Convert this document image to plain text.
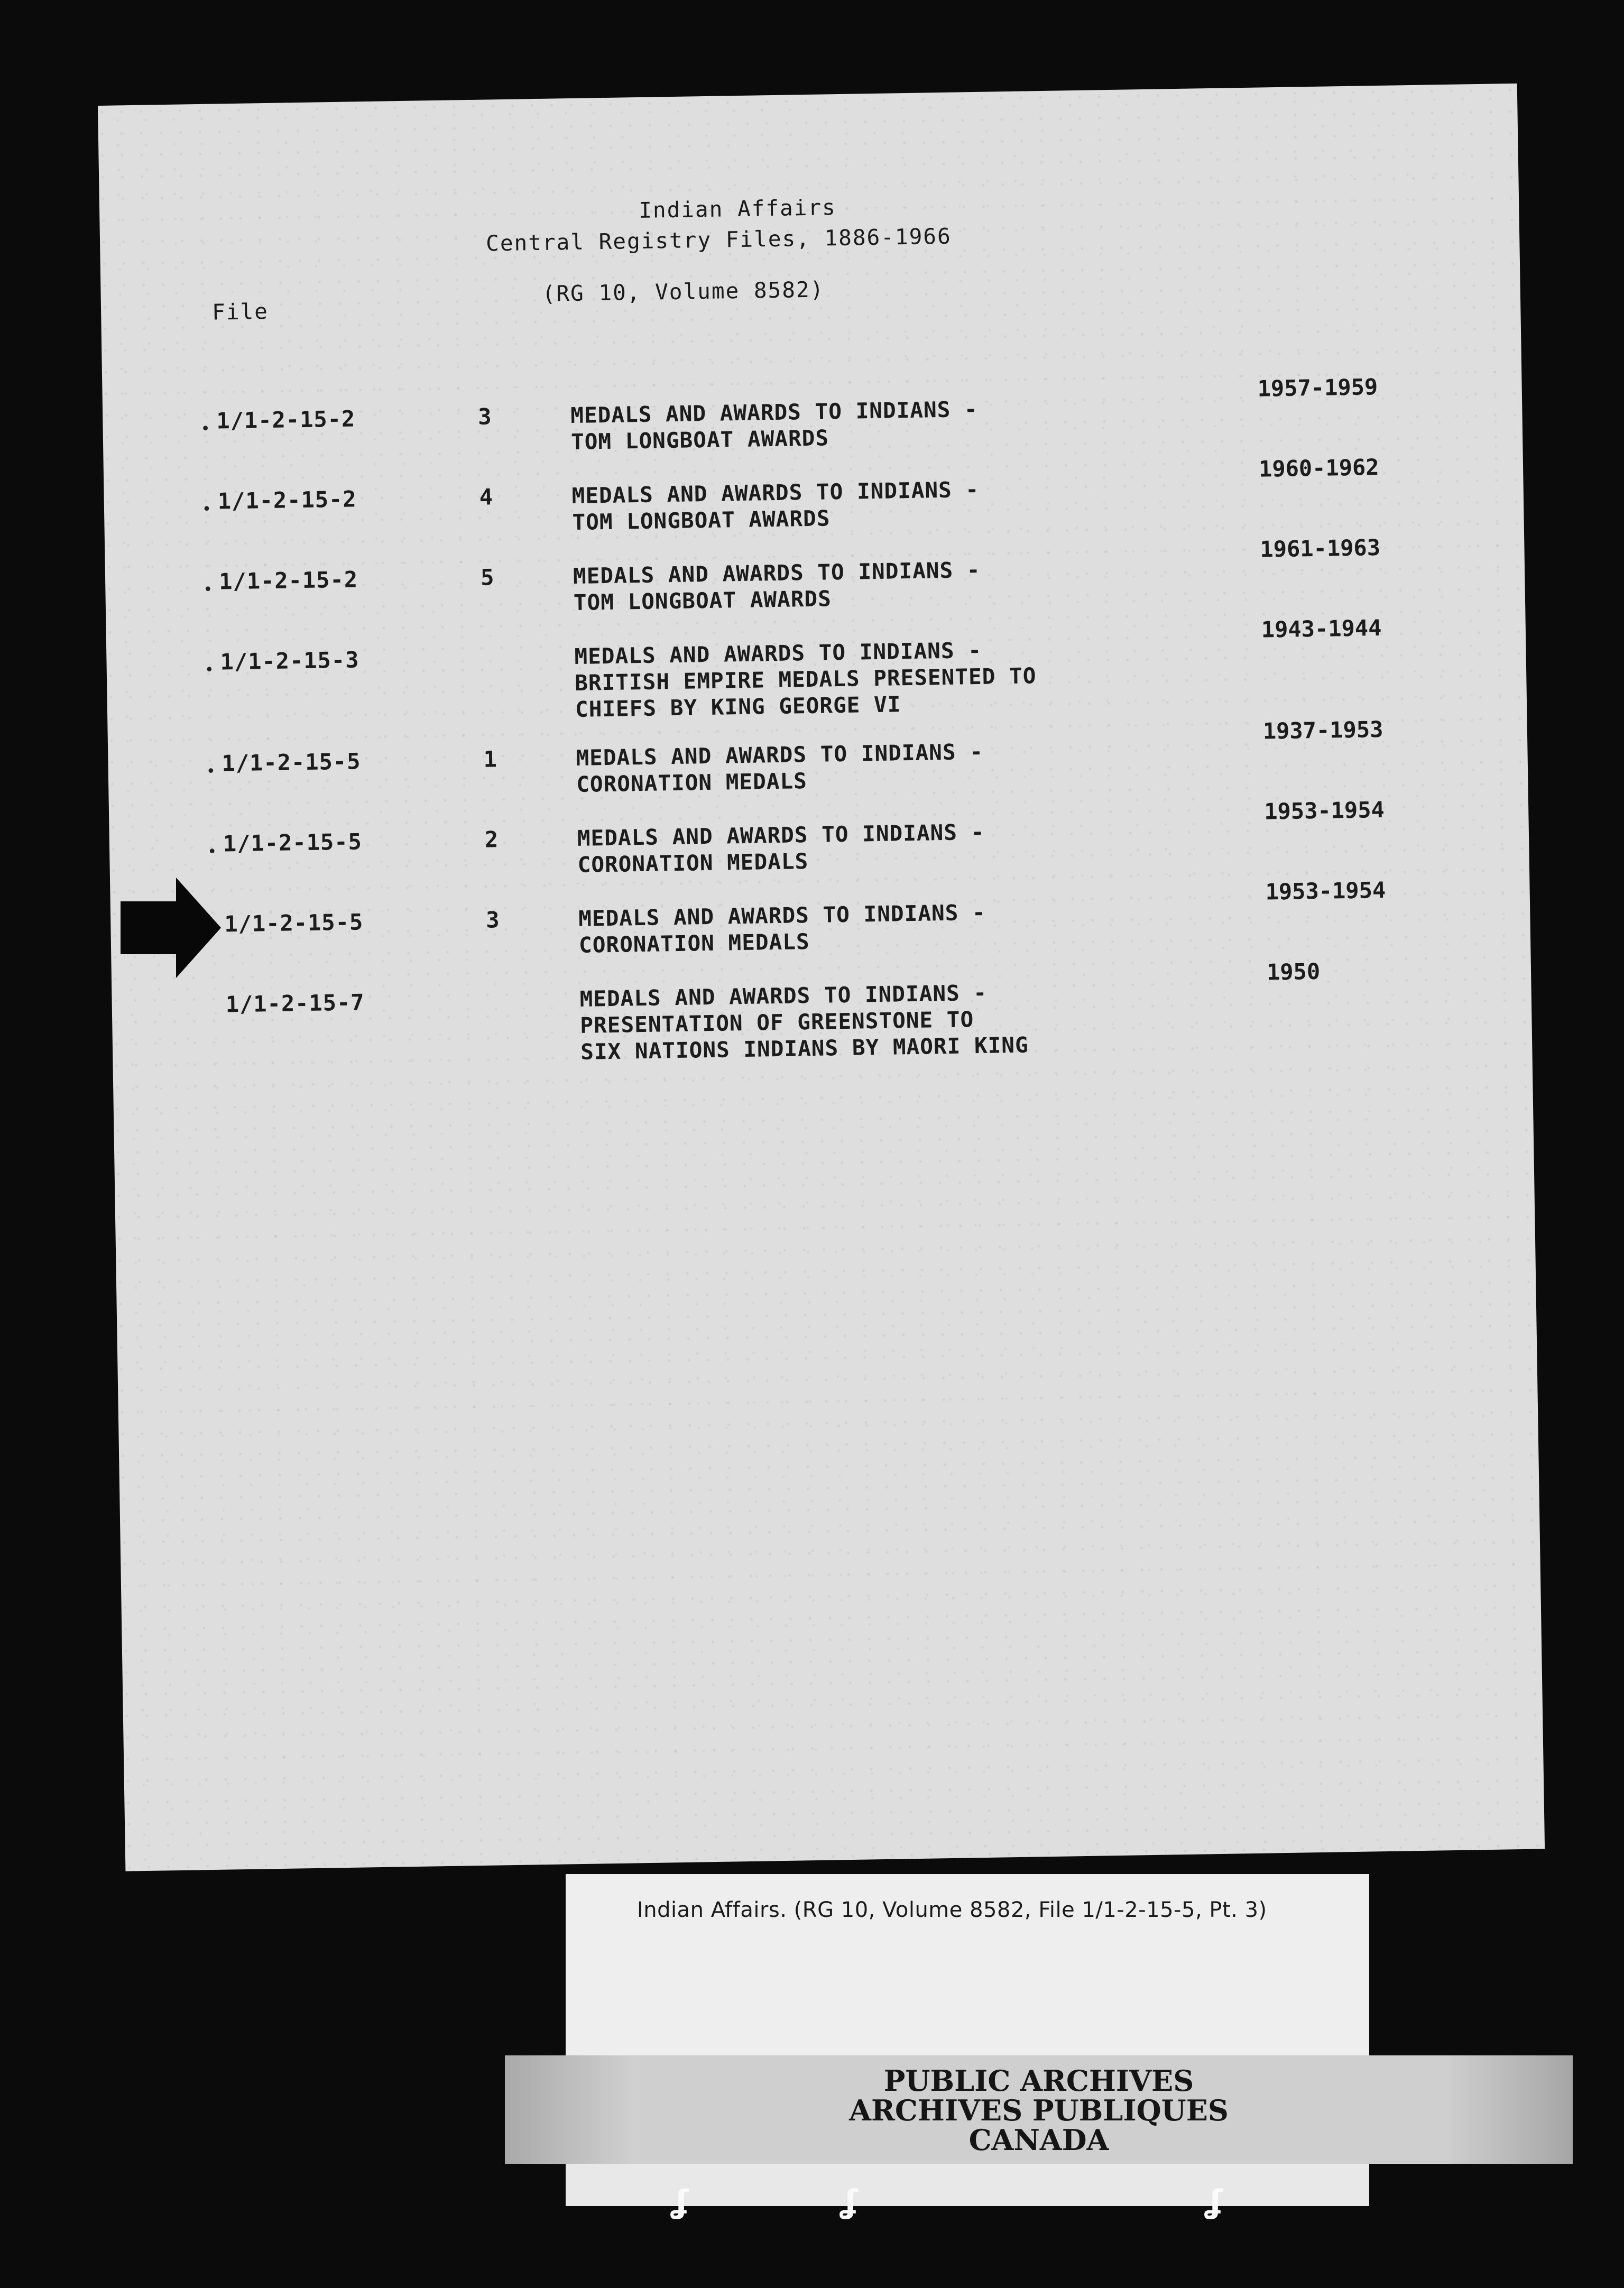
Indian Affairs
Central Registry Files, 1886-1966
(RG 10, Volume 8582)
File
• 1/1-2-15-2	3	MEDALS AND AWARDS TO INDIANS -
TOM LONGBOAT AWARDS
1957-1959
• 1/1-2-15-2	4	MEDALS AND AWARDS TO INDIANS -
TOM LONGBOAT AWARDS
1960-1962
• 1/1-2-15-2	5	MEDALS AND AWARDS TO INDIANS -
TOM LONGBOAT AWARDS
1961-1963
• 1/1-2-15-3	MEDALS AND AWARDS TO INDIANS -
BRITISH EMPIRE MEDALS PRESENTED TO
CHIEFS BY KING GEORGE VI
1943-1944
• 1/1-2-15-5	1	MEDALS AND AWARDS TO INDIANS -
CORONATION MEDALS
1937-1953
• 1/1-2-15-5	2	MEDALS AND AWARDS TO INDIANS -
CORONATION MEDALS
1953-1954
1/1-2-15-5	3	MEDALS AND AWARDS TO INDIANS -
CORONATION MEDALS
1953-1954
1/1-2-15-7	MEDALS AND AWARDS TO INDIANS -
PRESENTATION OF GREENSTONE TO
SIX NATIONS INDIANS BY MAORI KING
1950
Indian Affairs. (RG 10, Volume 8582, File 1/1-2-15-5, Pt. 3)
PUBLIC ARCHIVES
ARCHIVES PUBLIQUES
CANADA
ʆ	ʆ	ʆ
